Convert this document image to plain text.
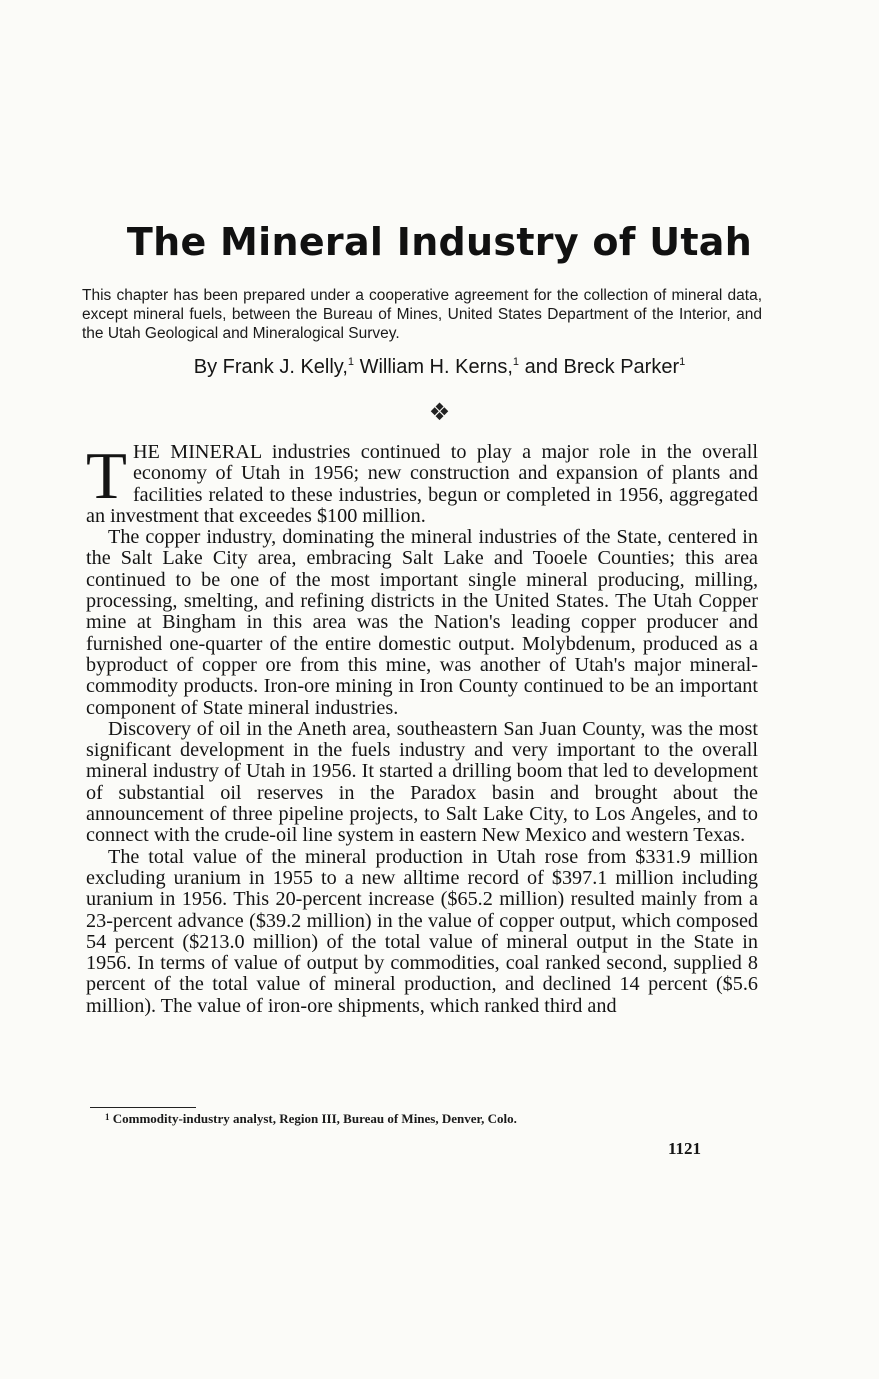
The Mineral Industry of Utah

This chapter has been prepared under a cooperative agreement for the collection of mineral data, except mineral fuels, between the Bureau of Mines, United States Department of the Interior, and the Utah Geological and Mineralogical Survey.

By Frank J. Kelly,$^1$ William H. Kerns,$^1$ and Breck Parker$^1$

❖

THE MINERAL industries continued to play a major role in the overall economy of Utah in 1956; new construction and expansion of plants and facilities related to these industries, begun or completed in 1956, aggregated an investment that exceedes $100 million.

The copper industry, dominating the mineral industries of the State, centered in the Salt Lake City area, embracing Salt Lake and Tooele Counties; this area continued to be one of the most important single mineral producing, milling, processing, smelting, and refining districts in the United States. The Utah Copper mine at Bingham in this area was the Nation's leading copper producer and furnished one-quarter of the entire domestic output. Molybdenum, produced as a byproduct of copper ore from this mine, was another of Utah's major mineral-commodity products. Iron-ore mining in Iron County continued to be an important component of State mineral industries.

Discovery of oil in the Aneth area, southeastern San Juan County, was the most significant development in the fuels industry and very important to the overall mineral industry of Utah in 1956. It started a drilling boom that led to development of substantial oil reserves in the Paradox basin and brought about the announcement of three pipeline projects, to Salt Lake City, to Los Angeles, and to connect with the crude-oil line system in eastern New Mexico and western Texas.

The total value of the mineral production in Utah rose from $331.9 million excluding uranium in 1955 to a new alltime record of $397.1 million including uranium in 1956. This 20-percent increase ($65.2 million) resulted mainly from a 23-percent advance ($39.2 million) in the value of copper output, which composed 54 percent ($213.0 million) of the total value of mineral output in the State in 1956. In terms of value of output by commodities, coal ranked second, supplied 8 percent of the total value of mineral production, and declined 14 percent ($5.6 million). The value of iron-ore shipments, which ranked third and

$^1$ Commodity-industry analyst, Region III, Bureau of Mines, Denver, Colo.

1121
